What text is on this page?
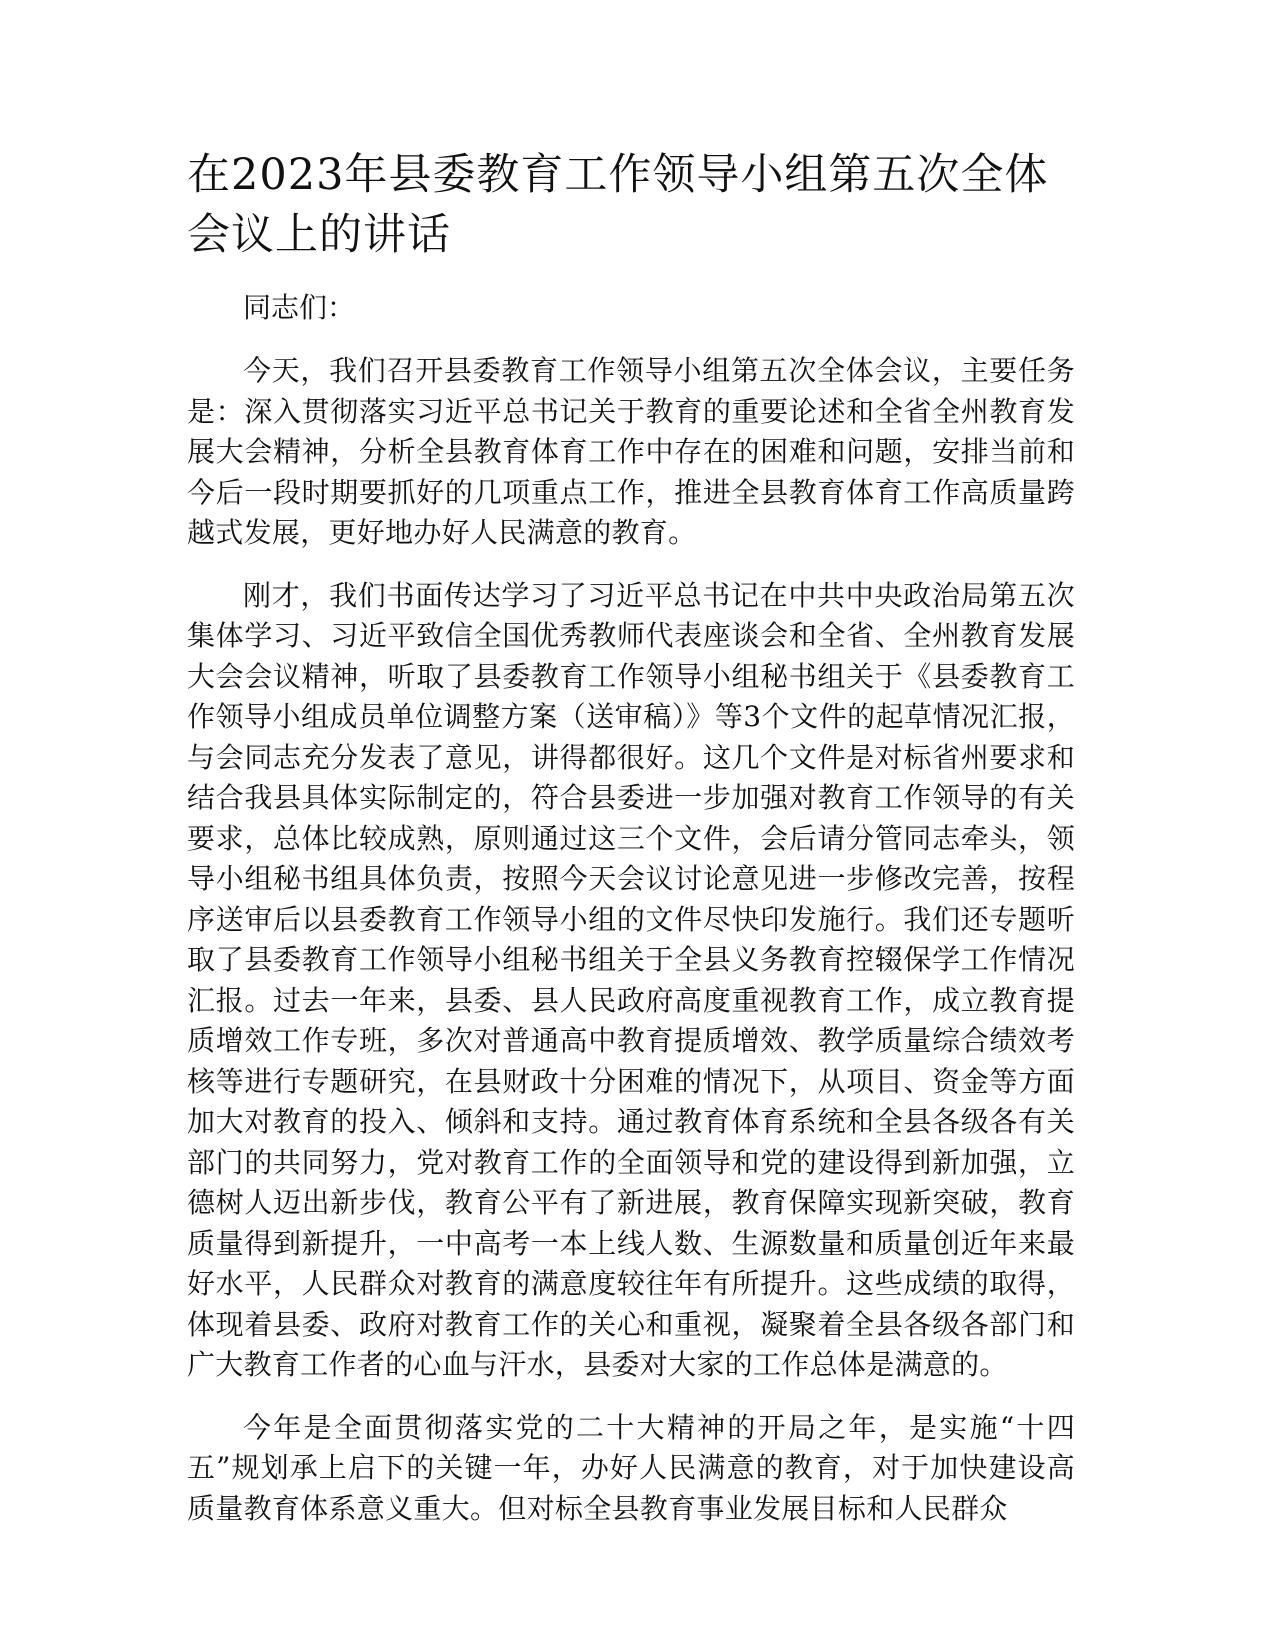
在2023年县委教育工作领导小组第五次全体会议上的讲话

同志们：

今天，我们召开县委教育工作领导小组第五次全体会议，主要任务是：深入贯彻落实习近平总书记关于教育的重要论述和全省全州教育发展大会精神，分析全县教育体育工作中存在的困难和问题，安排当前和今后一段时期要抓好的几项重点工作，推进全县教育体育工作高质量跨越式发展，更好地办好人民满意的教育。

刚才，我们书面传达学习了习近平总书记在中共中央政治局第五次集体学习、习近平致信全国优秀教师代表座谈会和全省、全州教育发展大会会议精神，听取了县委教育工作领导小组秘书组关于《县委教育工作领导小组成员单位调整方案（送审稿）》等3个文件的起草情况汇报，与会同志充分发表了意见，讲得都很好。这几个文件是对标省州要求和结合我县具体实际制定的，符合县委进一步加强对教育工作领导的有关要求，总体比较成熟，原则通过这三个文件，会后请分管同志牵头，领导小组秘书组具体负责，按照今天会议讨论意见进一步修改完善，按程序送审后以县委教育工作领导小组的文件尽快印发施行。我们还专题听取了县委教育工作领导小组秘书组关于全县义务教育控辍保学工作情况汇报。过去一年来，县委、县人民政府高度重视教育工作，成立教育提质增效工作专班，多次对普通高中教育提质增效、教学质量综合绩效考核等进行专题研究，在县财政十分困难的情况下，从项目、资金等方面加大对教育的投入、倾斜和支持。通过教育体育系统和全县各级各有关部门的共同努力，党对教育工作的全面领导和党的建设得到新加强，立德树人迈出新步伐，教育公平有了新进展，教育保障实现新突破，教育质量得到新提升，一中高考一本上线人数、生源数量和质量创近年来最好水平，人民群众对教育的满意度较往年有所提升。这些成绩的取得，体现着县委、政府对教育工作的关心和重视，凝聚着全县各级各部门和广大教育工作者的心血与汗水，县委对大家的工作总体是满意的。

今年是全面贯彻落实党的二十大精神的开局之年，是实施“十四五”规划承上启下的关键一年，办好人民满意的教育，对于加快建设高质量教育体系意义重大。但对标全县教育事业发展目标和人民群众
